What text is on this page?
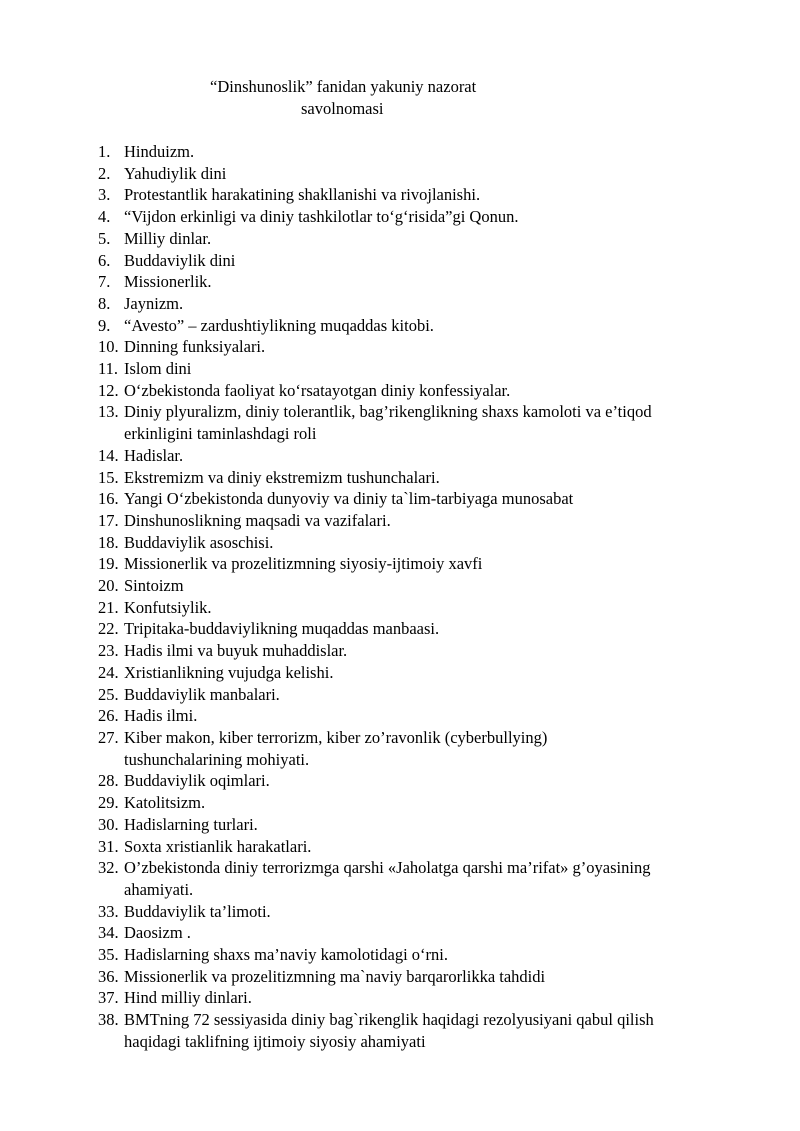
“Dinshunoslik” fanidan yakuniy nazorat
savolnomasi
1. Hinduizm.
2. Yahudiylik dini
3. Protestantlik harakatining shakllanishi va rivojlanishi.
4. “Vijdon erkinligi va diniy tashkilotlar to‘g‘risida”gi Qonun.
5. Milliy dinlar.
6. Buddaviylik dini
7. Missionerlik.
8. Jaynizm.
9. “Avesto” – zardushtiylikning muqaddas kitobi.
10. Dinning funksiyalari.
11. Islom dini
12. O‘zbekistonda faoliyat ko‘rsatayotgan diniy konfessiyalar.
13. Diniy plyuralizm, diniy tolerantlik, bag’rikenglikning shaxs kamoloti va e’tiqod erkinligini taminlashdagi roli
14. Hadislar.
15. Ekstremizm va diniy ekstremizm tushunchalari.
16. Yangi O‘zbekistonda dunyoviy va diniy ta`lim-tarbiyaga munosabat
17. Dinshunoslikning maqsadi va vazifalari.
18. Buddaviylik asoschisi.
19. Missionerlik va prozelitizmning siyosiy-ijtimoiy xavfi
20. Sintoizm
21. Konfutsiylik.
22. Tripitaka-buddaviylikning muqaddas manbaasi.
23. Hadis ilmi va buyuk muhaddislar.
24. Xristianlikning vujudga kelishi.
25. Buddaviylik manbalari.
26. Hadis ilmi.
27. Kiber makon, kiber terrorizm, kiber zo’ravonlik (cyberbullying) tushunchalarining mohiyati.
28. Buddaviylik oqimlari.
29. Katolitsizm.
30. Hadislarning turlari.
31. Soxta xristianlik harakatlari.
32. O’zbekistonda diniy terrorizmga qarshi «Jaholatga qarshi ma’rifat» g’oyasining ahamiyati.
33. Buddaviylik ta’limoti.
34. Daosizm .
35. Hadislarning shaxs ma’naviy kamolotidagi o‘rni.
36. Missionerlik va prozelitizmning ma`naviy barqarorlikka tahdidi
37. Hind milliy dinlari.
38. BMTning 72 sessiyasida diniy bag`rikenglik haqidagi rezolyusiyani qabul qilish haqidagi taklifning ijtimoiy siyosiy ahamiyati
